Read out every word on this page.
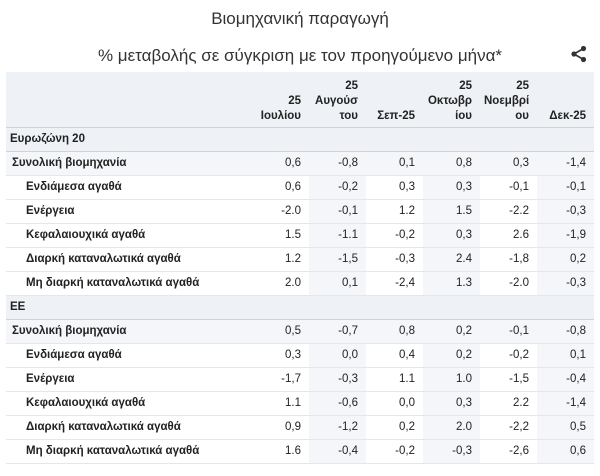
Βιομηχανική παραγωγή
% μεταβολής σε σύγκριση με τον προηγούμενο μήνα*
	25 Ιουλίου	25 Αυγούσ του	Σεπ-25	25 Οκτωβρ ίου	25 Νοεμβρί ου	Δεκ-25
Ευρωζώνη 20						
Συνολική βιομηχανία	0,6	-0,8	0,1	0,8	0,3	-1,4
Ενδιάμεσα αγαθά	0,6	-0,2	0,3	0,3	-0,1	-0,1
Ενέργεια	-2.0	-0,1	1.2	1.5	-2.2	-0,3
Κεφαλαιουχικά αγαθά	1.5	-1.1	-0,2	0,3	2.6	-1,9
Διαρκή καταναλωτικά αγαθά	1.2	-1,5	-0,3	2.4	-1,8	0,2
Μη διαρκή καταναλωτικά αγαθά	2.0	0,1	-2,4	1.3	-2.0	-0,3
ΕΕ						
Συνολική βιομηχανία	0,5	-0,7	0,8	0,2	-0,1	-0,8
Ενδιάμεσα αγαθά	0,3	0,0	0,4	0,2	-0,2	0,1
Ενέργεια	-1,7	-0,3	1.1	1.0	-1,5	-0,4
Κεφαλαιουχικά αγαθά	1.1	-0,6	0,0	0,3	2.2	-1,4
Διαρκή καταναλωτικά αγαθά	0,9	-1,2	0,2	2.0	-2,2	0,5
Μη διαρκή καταναλωτικά αγαθά	1.6	-0,4	-0,2	-0,3	-2,6	0,6
